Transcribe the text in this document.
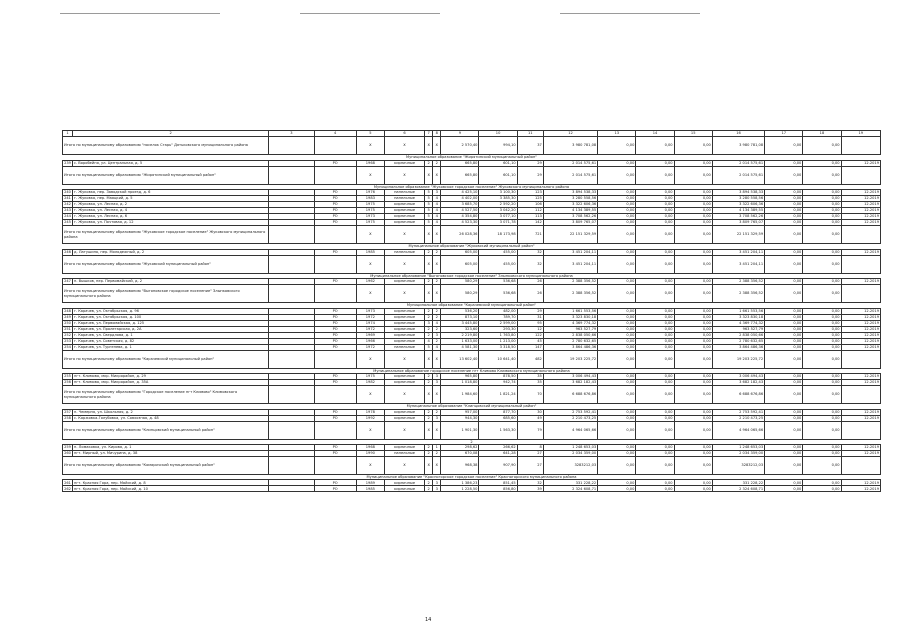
1	2	3	4	5	6	7	8	9	10	11	12	13	14	15	16	17	18	19
Итого по муниципальному образованию "поселок Старь" Дятьковского муниципального района				X	X	X	X	2 570,40	994,10	37	3 980 781,08	0,00	0,00	0,00	3 980 781,08	0,00	0,00	
Муниципальное образование "Жирятинский муниципальный район"																		
239	с. Воробейня, ул. Центральная, д. 5		РО	1968	кирпичные	2	2	665,80	601,10	29	2 014 575,61	0,00	0,00	0,00	2 014 575,61	0,00	0,00	12.2019
Итого по муниципальному образованию "Жирятинский муниципальный район"				X	X	X	X	665,80	601,10	29	2 014 575,61	0,00	0,00	0,00	2 014 575,61	0,00	0,00	
Муниципальное образование "Жуковское городское поселение" Жуковского муниципального района																		
240	г. Жуковка, пер. Заводской проезд, д. 6		РО	1976	панельные	5	3	4 425,10	3 100,30	123	3 894 538,33	0,00	0,00	0,00	3 894 538,33	0,00	0,00	12.2019
241	г. Жуковка, пер. Маяцкий, д. 5		РО	1983	панельные	5	4	4 402,00	3 385,30	125	3 280 558,56	0,00	0,00	0,00	3 280 558,56	0,00	0,00	12.2019
242	г. Жуковка, ул. Лесная, д. 2		РО	1975	кирпичные	5	4	3 685,70	2 592,20	106	3 322 606,36	0,00	0,00	0,00	3 322 606,36	0,00	0,00	12.2019
243	г. Жуковка, ул. Лесная, д. 4		РО	1975	кирпичные	5	4	4 527,50	3 042,20	112	4 134 389,55	0,00	0,00	0,00	4 134 389,55	0,00	0,00	12.2019
244	г. Жуковка, ул. Лесная, д. 6		РО	1973	кирпичные	5	4	4 354,80	3 077,10	113	3 708 562,26	0,00	0,00	0,00	3 708 562,26	0,00	0,00	12.2019
245	г. Жуковка, ул. Почтовая, д. 12		РО	1975	кирпичные	5	4	4 523,30	3 071,78	142	3 809 765,07	0,00	0,00	0,00	3 809 765,07	0,00	0,00	12.2019
Итого по муниципальному образованию "Жуковское городское поселение" Жуковского муниципального района				X	X	X	X	26 028,36	18 173,98	721	22 151 329,59	0,00	0,00	0,00	22 151 329,59	0,00	0,00	
Муниципальное образование "Жуковский муниципальный район"																		
246	д. Латушино, пер. Молодежный, д. 2		РО	1985	панельные	2	2	605,00	455,00	32	3 451 204,11	0,00	0,00	0,00	3 451 204,11	0,00	0,00	12.2019
Итого по муниципальному образованию "Жуковский муниципальный район"				X	X	X	X	605,00	455,00	32	3 451 204,11	0,00	0,00	0,00	3 451 204,11	0,00	0,00	
Муниципальное образование "Выгоновское городское поселение" Злынковского муниципального района																		
247	п. Вышков, пер. Первомайский, д. 2		РО	1962	кирпичные	2	2	580,29	536,68	26	2 388 356,52	0,00	0,00	0,00	2 388 356,52	0,00	0,00	12.2019
Итого по муниципальному образованию "Выгоновское городское поселение" Злынковского муниципального района				X	X	X	X	580,29	536,68	26	2 388 356,52	0,00	0,00	0,00	2 388 356,52	0,00	0,00	
Муниципальное образование "Карачевский муниципальный район"																		
248	г. Карачев, ул. Октябрьская, д. 96		РО	1973	кирпичные	2	2	536,20	482,00	29	1 661 553,56	0,00	0,00	0,00	1 661 553,56	0,00	0,00	12.2019
249	г. Карачев, ул. Октябрьская, д. 100		РО	1972	кирпичные	2	2	873,10	789,70	31	3 323 830,18	0,00	0,00	0,00	3 323 830,18	0,00	0,00	12.2019
250	г. Карачев, ул. Первомайская, д. 125		РО	1974	кирпичные	3	4	3 445,80	2 599,00	95	4 369 774,32	0,00	0,00	0,00	4 369 774,32	0,00	0,00	12.2019
251	г. Карачев, ул. Пролетарская, д. 2А		РО	1972	кирпичные	2	2	323,60	293,30	12	963 527,79	0,00	0,00	0,00	963 527,79	0,00	0,00	12.2019
252	г. Карачев, ул. Свердлова, д. 1		РО	1969	кирпичные	2	3	2 219,80	1 763,80	122	2 838 050,66	0,00	0,00	0,00	2 838 050,66	0,00	0,00	12.2019
253	г. Карачев, ул. Советская, д. 82		РО	1966	кирпичные	4	2	1 633,00	1 213,00	45	2 780 632,65	0,00	0,00	0,00	2 780 632,65	0,00	0,00	12.2019
254	г. Карачев, ул. Тургенева, д. 1		РО	1972	панельные	5	4	4 581,30	3 318,50	147	3 864 486,36	0,00	0,00	0,00	3 864 486,36	0,00	0,00	12.2019
Итого по муниципальному образованию "Карачевский муниципальный район"				X	X	X	X	13 602,40	10 641,40	482	19 203 225,72	0,00	0,00	0,00	19 203 225,72	0,00	0,00	
Муниципальное образование городское поселение пгт Климово Климовского муниципального района																		
255	пгт. Климово, мкр. Микрорайон, д. 29		РО	1975	кирпичные	2	3	965,80	878,50	35	3 006 494,43	0,00	0,00	0,00	3 006 494,43	0,00	0,00	12.2019
256	пгт. Климово, мкр. Микрорайон, д. 35А		РО	1982	кирпичные	2	3	1 018,80	942,74	35	3 682 182,43	0,00	0,00	0,00	3 682 182,43	0,00	0,00	12.2019
Итого по муниципальному образованию "Городское поселение пгт Климово" Климовского муниципального района				X	X	X	X	1 984,60	1 821,24	70	6 688 676,86	0,00	0,00	0,00	6 688 676,86	0,00	0,00	
Муниципальное образование "Клинцовский муниципальный район"																		
257	п. Чемерня, ул. Школьная, д. 2		РО	1978	кирпичные	2	2	957,00	877,70	30	2 753 592,41	0,00	0,00	0,00	2 753 592,41	0,00	0,00	12.2019
258	с. Коржовка-Голубовка, ул. Совхозная, д. 48		РО	1992	кирпичные	2	3	944,30	685,60	49	2 210 473,25	0,00	0,00	0,00	2 210 473,25	0,00	0,00	12.2019
Итого по муниципальному образованию "Клинцовский муниципальный район"				X	X	X	X	1 901,30	1 563,30	79	4 964 065,66	0,00	0,00	0,00	4 964 065,66	0,00	0,00	
2																		
259	п. Ломаковка, ул. Кирова, д. 1		РО	1968	кирпичные	2	1	298,62	266,62	8	1 248 653,03	0,00	0,00	0,00	1 248 653,03	0,00	0,00	12.2019
260	пгт. Мирный, ул. Мичурина, д. 38		РО	1990	панельные	2	2	670,08	641,28	27	2 034 359,00	0,00	0,00	0,00	2 034 359,00	0,00	0,00	12.2019
Итого по муниципальному образованию "Комаричский муниципальный район"				X	X	X	X	968,38	907,90	27	3283212,03	0,00	0,00	0,00	3283212,03	0,00	0,00	
Муниципальное образование "Красногорское городское поселение" Красногорского муниципального района																		
261	пгт. Красная Гора, пер. Майский, д. 8		РО	1989	кирпичные	2	3	1 386,23	851,45	32	331 228,22	0,00	0,00	0,00	331 228,22	0,00	0,00	12.2019
262	пгт. Красная Гора, пер. Майский, д. 10		РО	1985	кирпичные	2	3	1 228,50	856,80	39	2 324 608,71	0,00	0,00	0,00	2 324 608,71	0,00	0,00	12.2019
14
